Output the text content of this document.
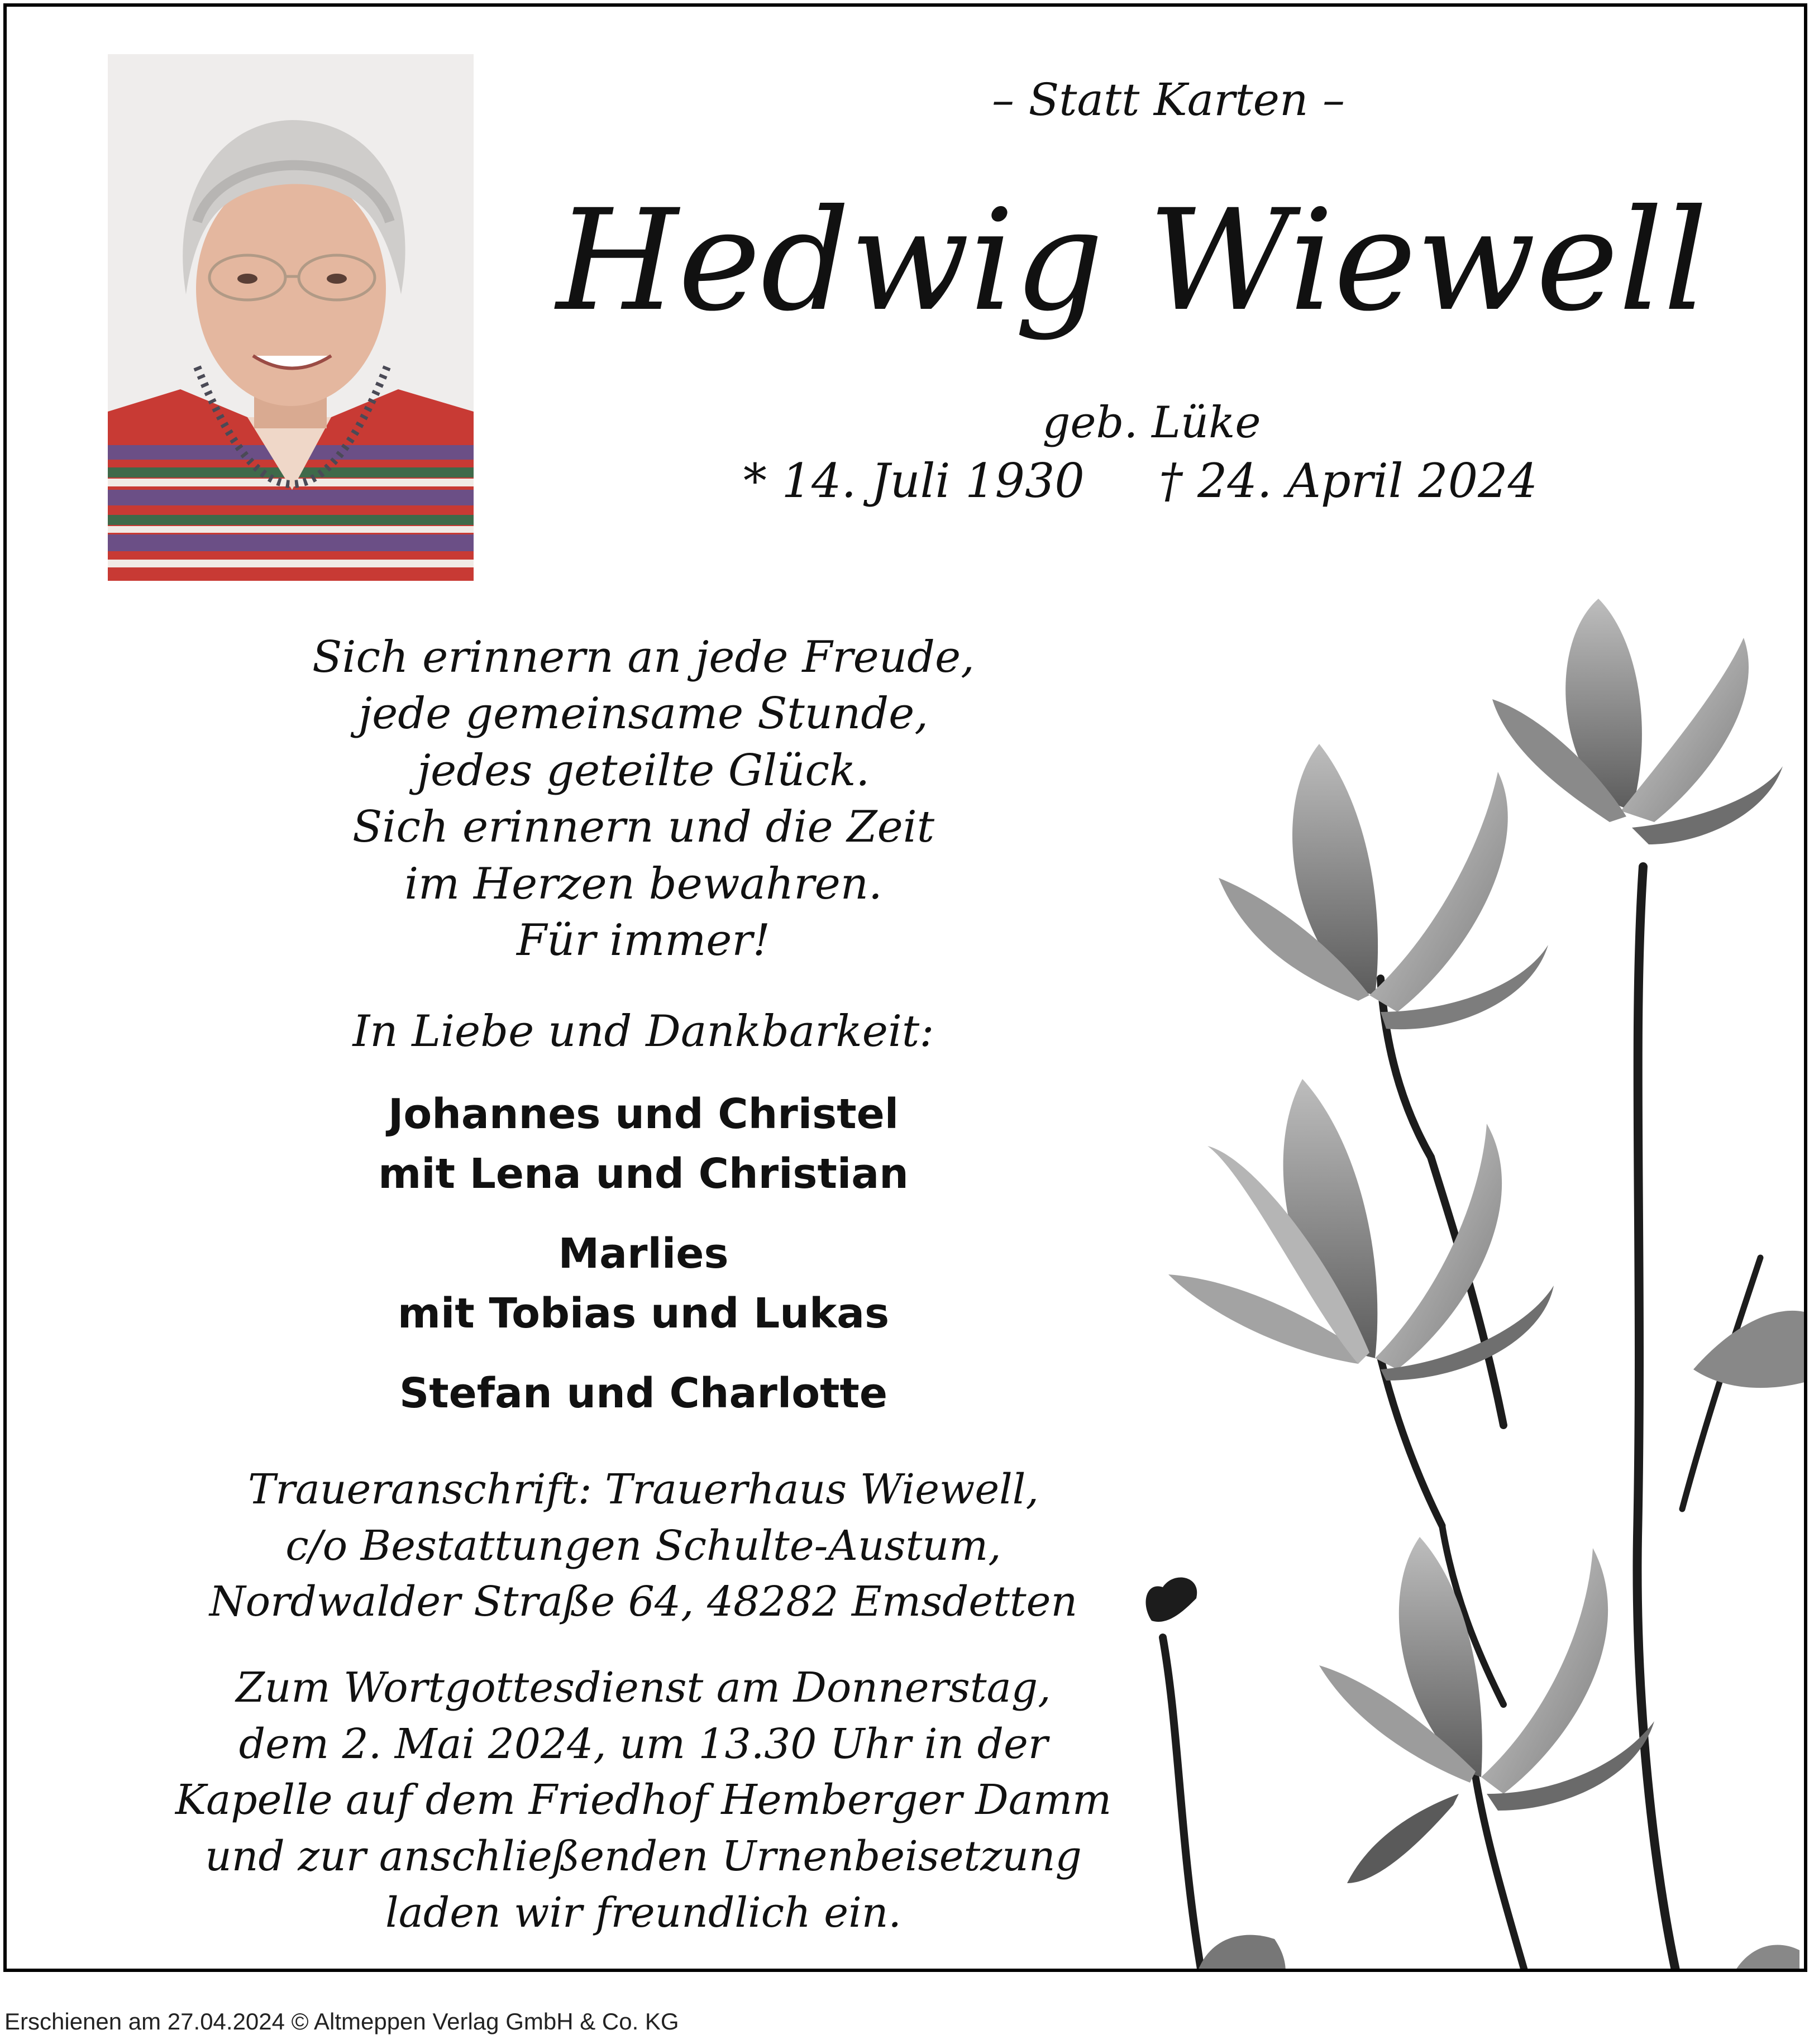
– Statt Karten –
Hedwig Wiewell
geb. Lüke
* 14. Juli 1930 † 24. April 2024
Sich erinnern an jede Freude,
jede gemeinsame Stunde,
jedes geteilte Glück.
Sich erinnern und die Zeit
im Herzen bewahren.
Für immer!
In Liebe und Dankbarkeit:
Johannes und Christel
mit Lena und Christian
Marlies
mit Tobias und Lukas
Stefan und Charlotte
Traueranschrift: Trauerhaus Wiewell,
c/o Bestattungen Schulte-Austum,
Nordwalder Straße 64, 48282 Emsdetten
Zum Wortgottesdienst am Donnerstag,
dem 2. Mai 2024, um 13.30 Uhr in der
Kapelle auf dem Friedhof Hemberger Damm
und zur anschließenden Urnenbeisetzung
laden wir freundlich ein.
Erschienen am 27.04.2024 © Altmeppen Verlag GmbH & Co. KG
